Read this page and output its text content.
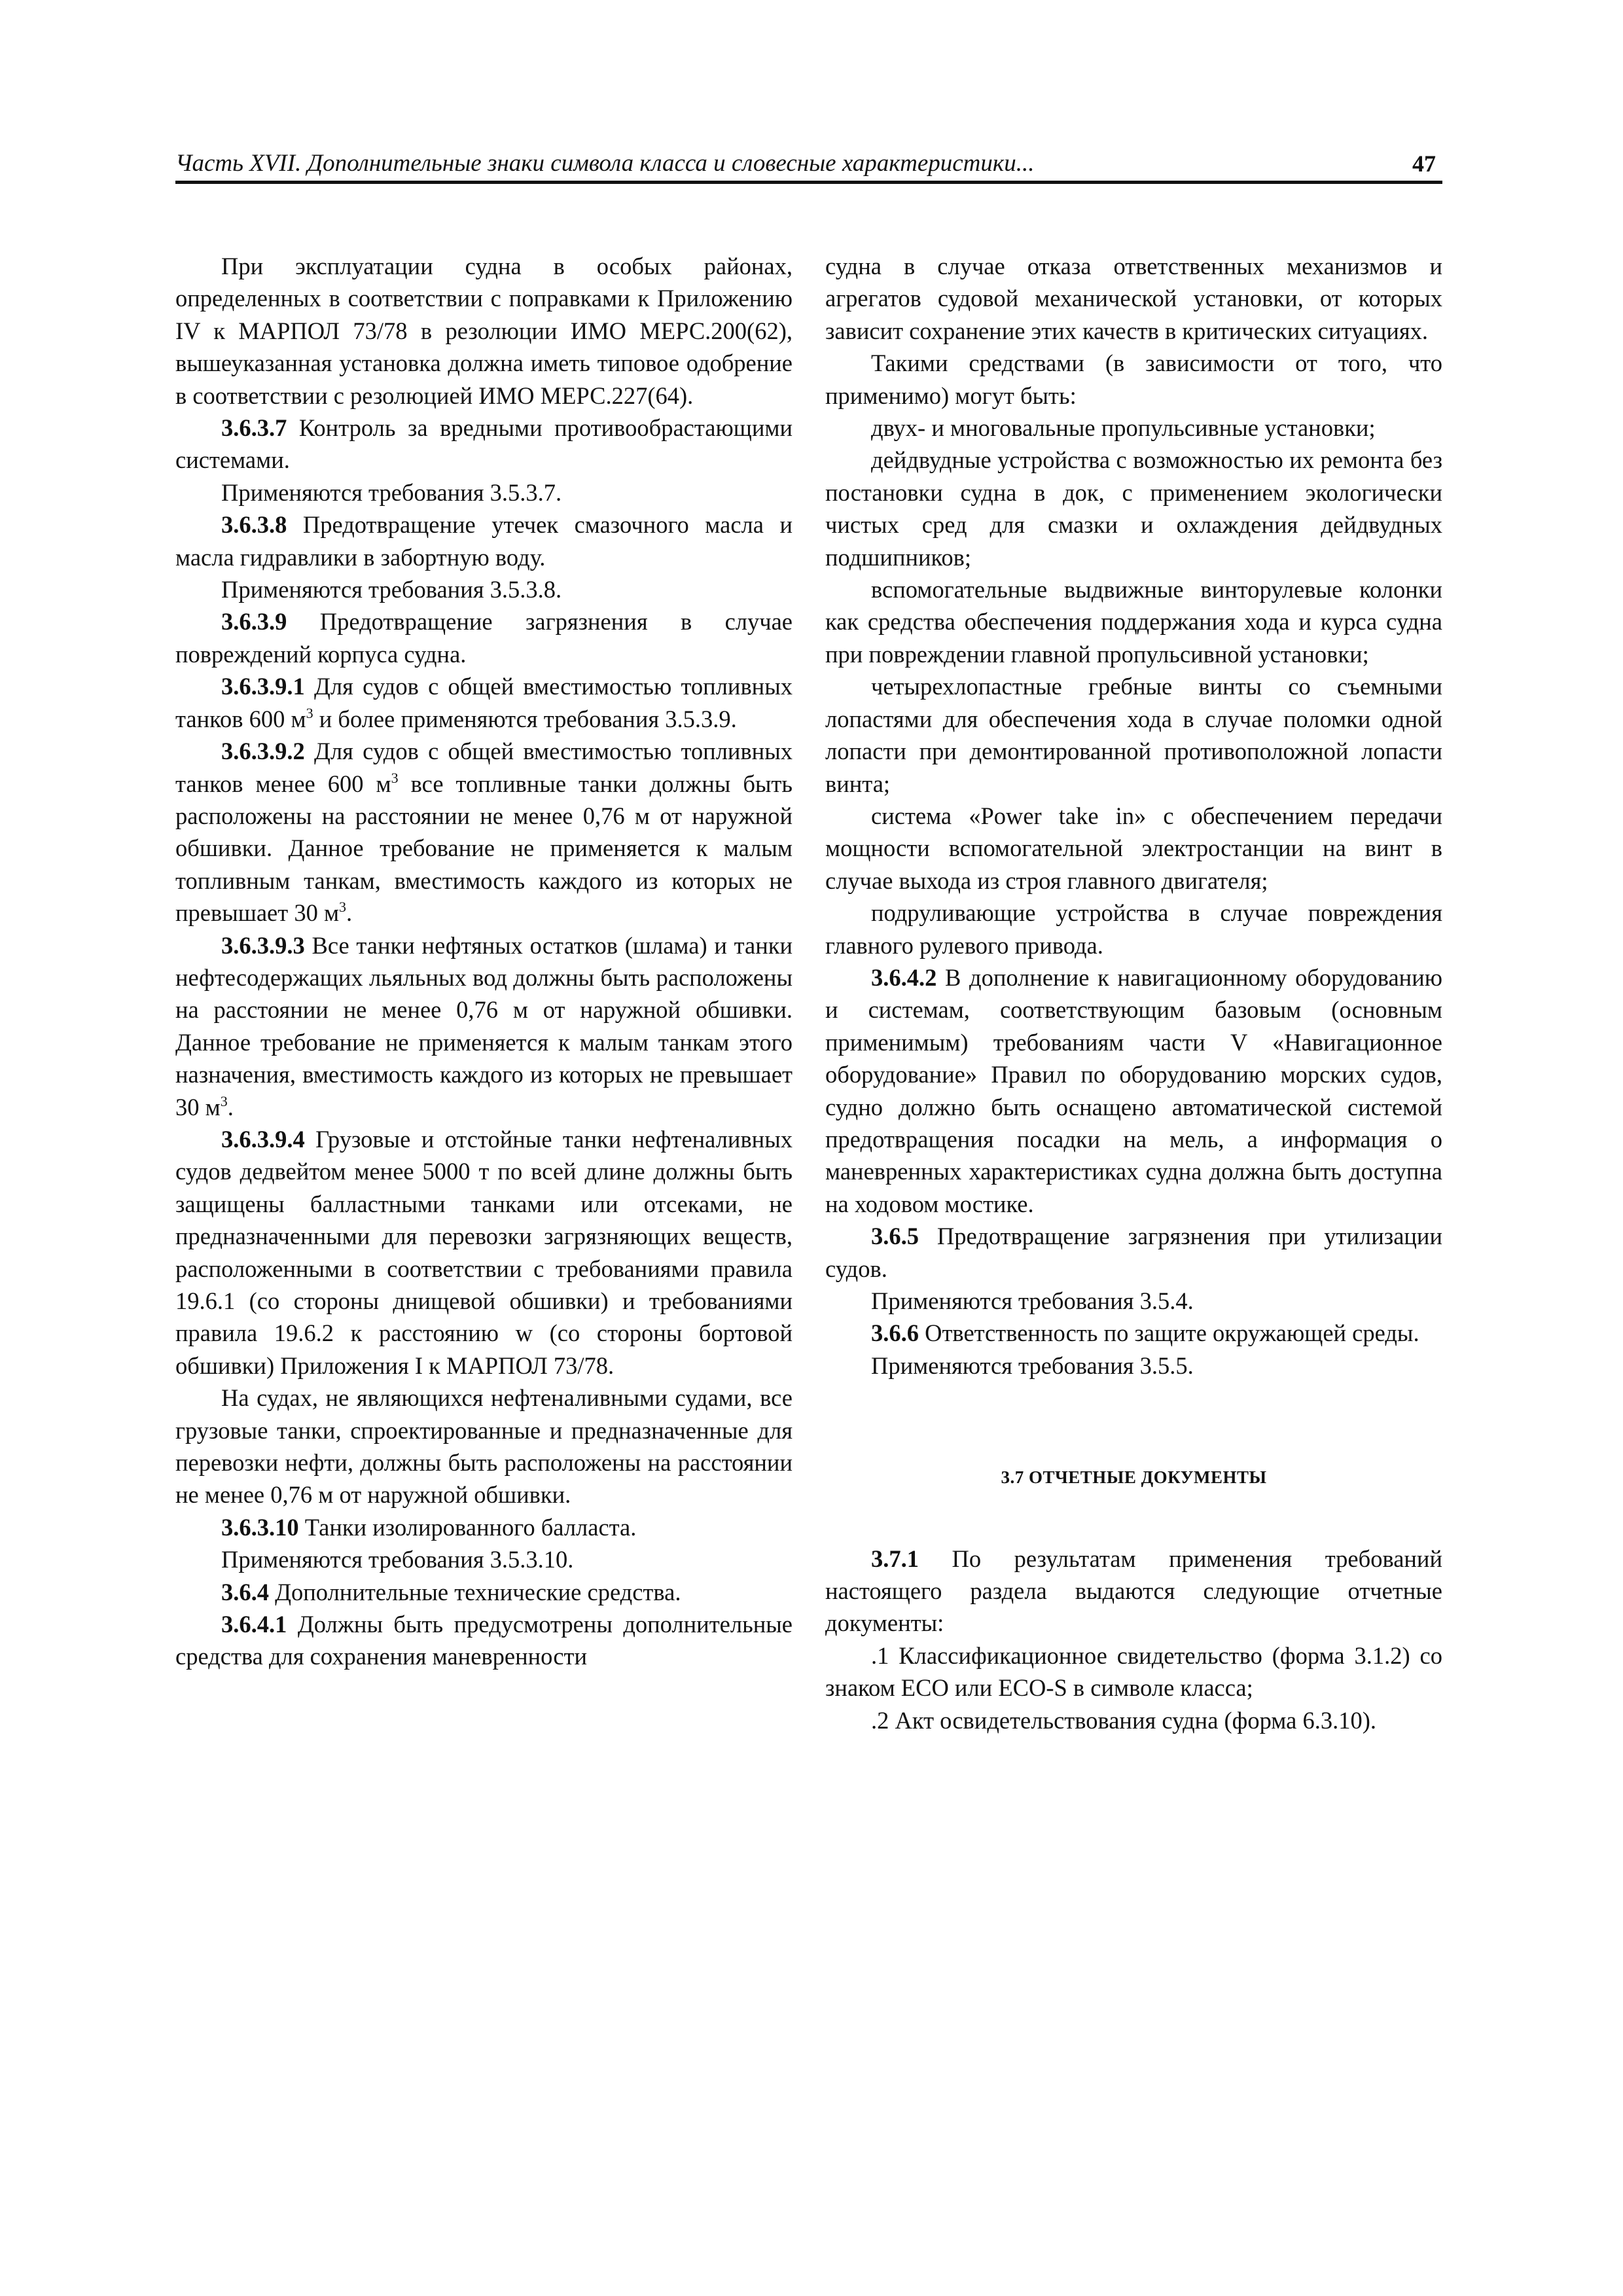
Часть XVII. Дополнительные знаки символа класса и словесные характеристики...	47

При эксплуатации судна в особых районах, определенных в соответствии с поправками к Приложению IV к МАРПОЛ 73/78 в резолюции ИМО МЕРС.200(62), вышеуказанная установка должна иметь типовое одобрение в соответствии с резолюцией ИМО МЕРС.227(64).

3.6.3.7 Контроль за вредными противообрастающими системами.

Применяются требования 3.5.3.7.

3.6.3.8 Предотвращение утечек смазочного масла и масла гидравлики в забортную воду.

Применяются требования 3.5.3.8.

3.6.3.9 Предотвращение загрязнения в случае повреждений корпуса судна.

3.6.3.9.1 Для судов с общей вместимостью топливных танков 600 $м^3$ и более применяются требования 3.5.3.9.

3.6.3.9.2 Для судов с общей вместимостью топливных танков менее 600 $м^3$ все топливные танки должны быть расположены на расстоянии не менее 0,76 м от наружной обшивки. Данное требование не применяется к малым топливным танкам, вместимость каждого из которых не превышает 30 $м^3$.

3.6.3.9.3 Все танки нефтяных остатков (шлама) и танки нефтесодержащих льяльных вод должны быть расположены на расстоянии не менее 0,76 м от наружной обшивки. Данное требование не применяется к малым танкам этого назначения, вместимость каждого из которых не превышает 30 $м^3$.

3.6.3.9.4 Грузовые и отстойные танки нефтеналивных судов дедвейтом менее 5000 т по всей длине должны быть защищены балластными танками или отсеками, не предназначенными для перевозки загрязняющих веществ, расположенными в соответствии с требованиями правила 19.6.1 (со стороны днищевой обшивки) и требованиями правила 19.6.2 к расстоянию w (со стороны бортовой обшивки) Приложения I к МАРПОЛ 73/78.

На судах, не являющихся нефтеналивными судами, все грузовые танки, спроектированные и предназначенные для перевозки нефти, должны быть расположены на расстоянии не менее 0,76 м от наружной обшивки.

3.6.3.10 Танки изолированного балласта.

Применяются требования 3.5.3.10.

3.6.4 Дополнительные технические средства.

3.6.4.1 Должны быть предусмотрены дополнительные средства для сохранения маневренности

судна в случае отказа ответственных механизмов и агрегатов судовой механической установки, от которых зависит сохранение этих качеств в критических ситуациях.

Такими средствами (в зависимости от того, что применимо) могут быть:

двух- и многовальные пропульсивные установки;

дейдвудные устройства с возможностью их ремонта без постановки судна в док, с применением экологически чистых сред для смазки и охлаждения дейдвудных подшипников;

вспомогательные выдвижные винторулевые колонки как средства обеспечения поддержания хода и курса судна при повреждении главной пропульсивной установки;

четырехлопастные гребные винты со съемными лопастями для обеспечения хода в случае поломки одной лопасти при демонтированной противоположной лопасти винта;

система «Power take in» с обеспечением передачи мощности вспомогательной электростанции на винт в случае выхода из строя главного двигателя;

подруливающие устройства в случае повреждения главного рулевого привода.

3.6.4.2 В дополнение к навигационному оборудованию и системам, соответствующим базовым (основным применимым) требованиям части V «Навигационное оборудование» Правил по оборудованию морских судов, судно должно быть оснащено автоматической системой предотвращения посадки на мель, а информация о маневренных характеристиках судна должна быть доступна на ходовом мостике.

3.6.5 Предотвращение загрязнения при утилизации судов.

Применяются требования 3.5.4.

3.6.6 Ответственность по защите окружающей среды.

Применяются требования 3.5.5.

3.7 ОТЧЕТНЫЕ ДОКУМЕНТЫ

3.7.1 По результатам применения требований настоящего раздела выдаются следующие отчетные документы:

.1 Классификационное свидетельство (форма 3.1.2) со знаком ECO или ECO-S в символе класса;

.2 Акт освидетельствования судна (форма 6.3.10).
